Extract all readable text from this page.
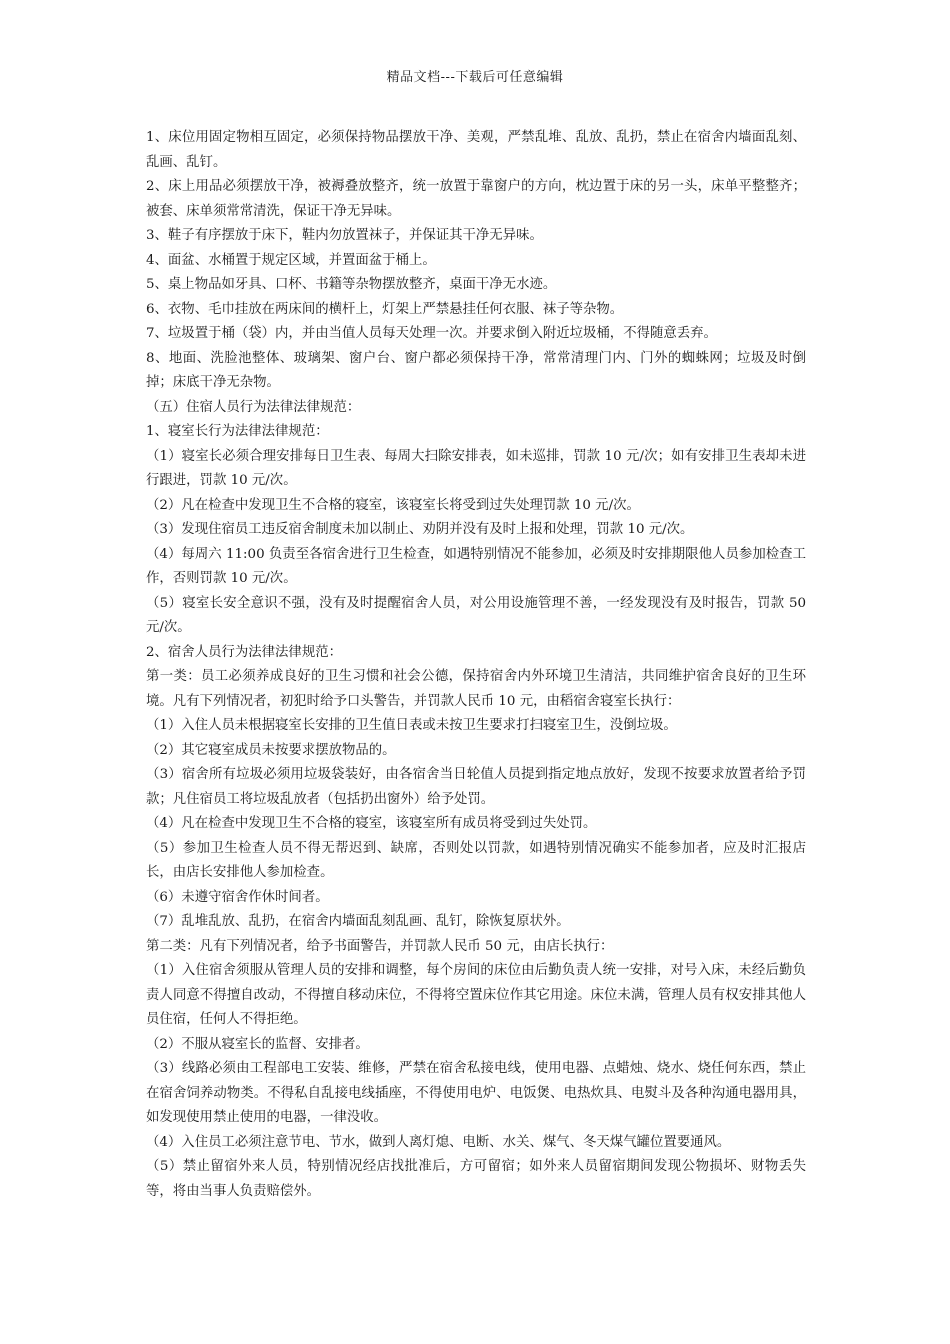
精品文档---下载后可任意编辑

1、床位用固定物相互固定，必须保持物品摆放干净、美观，严禁乱堆、乱放、乱扔，禁止在宿舍内墙面乱刻、乱画、乱钉。

2、床上用品必须摆放干净，被褥叠放整齐，统一放置于靠窗户的方向，枕边置于床的另一头，床单平整整齐；被套、床单须常常清洗，保证干净无异味。

3、鞋子有序摆放于床下，鞋内勿放置袜子，并保证其干净无异味。

4、面盆、水桶置于规定区域，并置面盆于桶上。

5、桌上物品如牙具、口杯、书籍等杂物摆放整齐，桌面干净无水迹。

6、衣物、毛巾挂放在两床间的横杆上，灯架上严禁悬挂任何衣服、袜子等杂物。

7、垃圾置于桶（袋）内，并由当值人员每天处理一次。并要求倒入附近垃圾桶，不得随意丢弃。

8、地面、洗脸池整体、玻璃架、窗户台、窗户都必须保持干净，常常清理门内、门外的蜘蛛网；垃圾及时倒掉；床底干净无杂物。

（五）住宿人员行为法律法律规范：

1、寝室长行为法律法律规范：

（1）寝室长必须合理安排每日卫生表、每周大扫除安排表，如未巡排，罚款 10 元/次；如有安排卫生表却未进行跟进，罚款 10 元/次。

（2）凡在检查中发现卫生不合格的寝室，该寝室长将受到过失处理罚款 10 元/次。

（3）发现住宿员工违反宿舍制度未加以制止、劝阴并没有及时上报和处理，罚款 10 元/次。

（4）每周六 11:00 负责至各宿舍进行卫生检查，如遇特别情况不能参加，必须及时安排期限他人员参加检查工作，否则罚款 10 元/次。

（5）寝室长安全意识不强，没有及时提醒宿舍人员，对公用设施管理不善，一经发现没有及时报告，罚款 50 元/次。

2、宿舍人员行为法律法律规范：

第一类：员工必须养成良好的卫生习惯和社会公德，保持宿舍内外环境卫生清洁，共同维护宿舍良好的卫生环境。凡有下列情况者，初犯时给予口头警告，并罚款人民币 10 元，由稻宿舍寝室长执行：

（1）入住人员未根据寝室长安排的卫生值日表或未按卫生要求打扫寝室卫生，没倒垃圾。

（2）其它寝室成员未按要求摆放物品的。

（3）宿舍所有垃圾必须用垃圾袋装好，由各宿舍当日轮值人员提到指定地点放好，发现不按要求放置者给予罚款；凡住宿员工将垃圾乱放者（包括扔出窗外）给予处罚。

（4）凡在检查中发现卫生不合格的寝室，该寝室所有成员将受到过失处罚。

（5）参加卫生检查人员不得无帮迟到、缺席，否则处以罚款，如遇特别情况确实不能参加者，应及时汇报店长，由店长安排他人参加检查。

（6）未遵守宿舍作休时间者。

（7）乱堆乱放、乱扔，在宿舍内墙面乱刻乱画、乱钉，除恢复原状外。

第二类：凡有下列情况者，给予书面警告，并罚款人民币 50 元，由店长执行：

（1）入住宿舍须服从管理人员的安排和调整，每个房间的床位由后勤负责人统一安排，对号入床，未经后勤负责人同意不得擅自改动，不得擅自移动床位，不得将空置床位作其它用途。床位未满，管理人员有权安排其他人员住宿，任何人不得拒绝。

（2）不服从寝室长的监督、安排者。

（3）线路必须由工程部电工安装、维修，严禁在宿舍私接电线，使用电器、点蜡烛、烧水、烧任何东西，禁止在宿舍饲养动物类。不得私自乱接电线插座，不得使用电炉、电饭煲、电热炊具、电熨斗及各种沟通电器用具，如发现使用禁止使用的电器，一律没收。

（4）入住员工必须注意节电、节水，做到人离灯熄、电断、水关、煤气、冬天煤气罐位置要通风。

（5）禁止留宿外来人员，特别情况经店找批准后，方可留宿；如外来人员留宿期间发现公物损坏、财物丢失等，将由当事人负责赔偿外。
